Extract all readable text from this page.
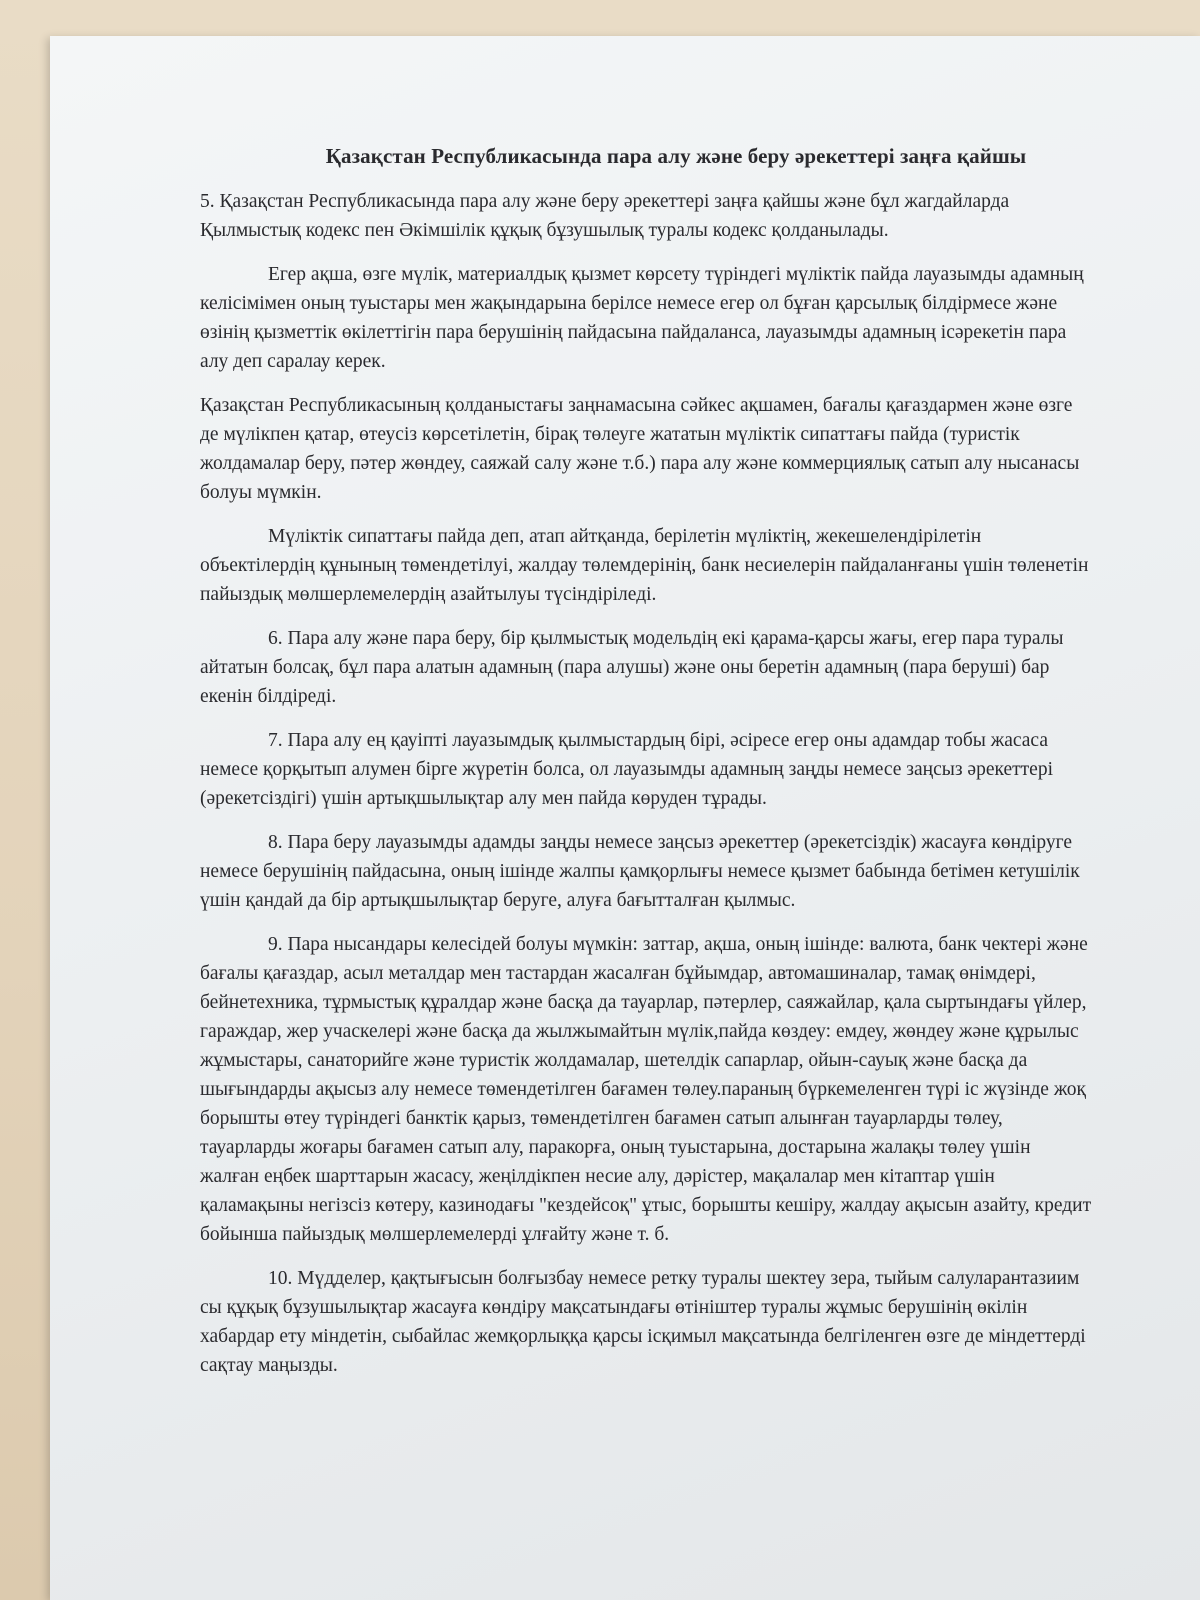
Қазақстан Республикасында пара алу және беру әрекеттері заңға қайшы

5. Қазақстан Республикасында пара алу және беру әрекеттері заңға қайшы және бұл жагдайларда Қылмыстық кодекс пен Әкімшілік құқық бұзушылық туралы кодекс қолданылады.

Егер ақша, өзге мүлік, материалдық қызмет көрсету түріндегі мүліктік пайда лауазымды адамның келісімімен оның туыстары мен жақындарына берілсе немесе егер ол бұған қарсылық білдірмесе және өзінің қызметтік өкілеттігін пара берушінің пайдасына пайдаланса, лауазымды адамның ісәрекетін пара алу деп саралау керек.

Қазақстан Республикасының қолданыстағы заңнамасына сәйкес ақшамен, бағалы қағаздармен және өзге де мүлікпен қатар, өтеусіз көрсетілетін, бірақ төлеуге жататын мүліктік сипаттағы пайда (туристік жолдамалар беру, пәтер жөндеу, саяжай салу және т.б.) пара алу және коммерциялық сатып алу нысанасы болуы мүмкін.

Мүліктік сипаттағы пайда деп, атап айтқанда, берілетін мүліктің, жекешелендірілетін объектілердің құнының төмендетілуі, жалдау төлемдерінің, банк несиелерін пайдаланғаны үшін төленетін пайыздық мөлшерлемелердің азайтылуы түсіндіріледі.

6. Пара алу және пара беру, бір қылмыстық модельдің екі қарама-қарсы жағы, егер пара туралы айтатын болсақ, бұл пара алатын адамның (пара алушы) және оны беретін адамның (пара беруші) бар екенін білдіреді.

7. Пара алу ең қауіпті лауазымдық қылмыстардың бірі, әсіресе егер оны адамдар тобы жасаса немесе қорқытып алумен бірге жүретін болса, ол лауазымды адамның заңды немесе заңсыз әрекеттері (әрекетсіздігі) үшін артықшылықтар алу мен пайда көруден тұрады.

8. Пара беру лауазымды адамды заңды немесе заңсыз әрекеттер (әрекетсіздік) жасауға көндіруге немесе берушінің пайдасына, оның ішінде жалпы қамқорлығы немесе қызмет бабында бетімен кетушілік үшін қандай да бір артықшылықтар беруге, алуға бағытталған қылмыс.

9. Пара нысандары келесідей болуы мүмкін: заттар, ақша, оның ішінде: валюта, банк чектері және бағалы қағаздар, асыл металдар мен тастардан жасалған бұйымдар, автомашиналар, тамақ өнімдері, бейнетехника, тұрмыстық құралдар және басқа да тауарлар, пәтерлер, саяжайлар, қала сыртындағы үйлер, гараждар, жер учаскелері және басқа да жылжымайтын мүлік,пайда көздеу: емдеу, жөндеу және құрылыс жұмыстары, санаторийге және туристік жолдамалар, шетелдік сапарлар, ойын-сауық және басқа да шығындарды ақысыз алу немесе төмендетілген бағамен төлеу.параның бүркемеленген түрі іс жүзінде жоқ борышты өтеу түріндегі банктік қарыз, төмендетілген бағамен сатып алынған тауарларды төлеу, тауарларды жоғары бағамен сатып алу, паракорға, оның туыстарына, достарына жалақы төлеу үшін жалған еңбек шарттарын жасасу, жеңілдікпен несие алу, дәрістер, мақалалар мен кітаптар үшін қаламақыны негізсіз көтеру, казинодағы "кездейсоқ" ұтыс, борышты кешіру, жалдау ақысын азайту, кредит бойынша пайыздық мөлшерлемелерді ұлғайту және т. б.

10. Мүдделер, қақтығысын болғызбау немесе ретку туралы шектеу зера, тыйым салуларантазиим сы құқық бұзушылықтар жасауға көндіру мақсатындағы өтініштер туралы жұмыс берушінің өкілін хабардар ету міндетін, сыбайлас жемқорлыққа қарсы ісқимыл мақсатында белгіленген өзге де міндеттерді сақтау маңызды.
